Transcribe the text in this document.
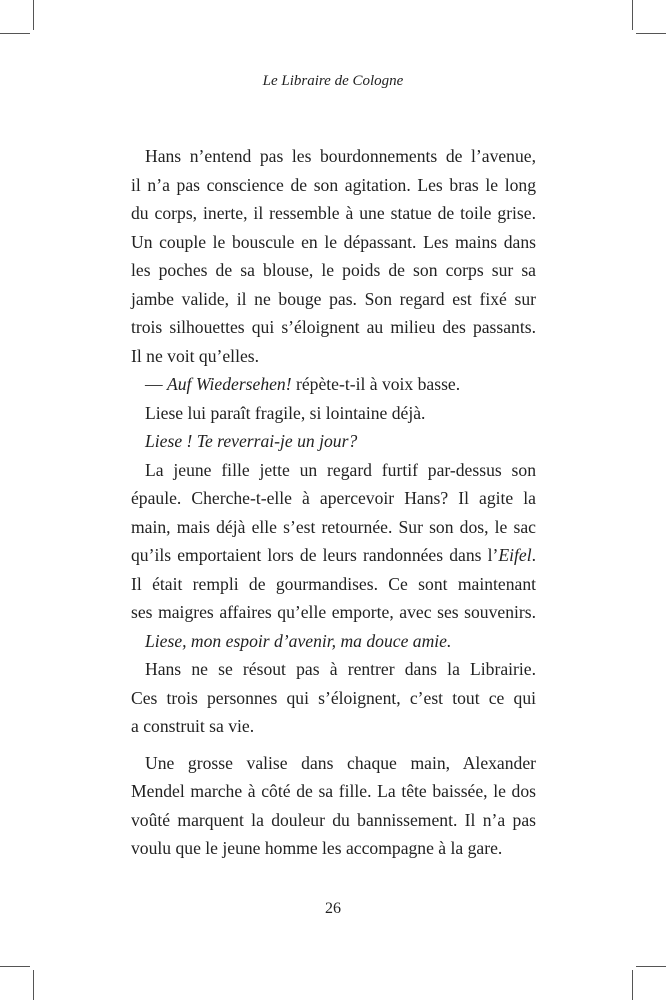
Le Libraire de Cologne
Hans n’entend pas les bourdonnements de l’avenue,
il n’a pas conscience de son agitation. Les bras le long
du corps, inerte, il ressemble à une statue de toile grise.
Un couple le bouscule en le dépassant. Les mains dans
les poches de sa blouse, le poids de son corps sur sa
jambe valide, il ne bouge pas. Son regard est fixé sur
trois silhouettes qui s’éloignent au milieu des passants.
Il ne voit qu’elles.
— Auf Wiedersehen! répète-t-il à voix basse.
Liese lui paraît fragile, si lointaine déjà.
Liese ! Te reverrai-je un jour?
La jeune fille jette un regard furtif par-dessus son
épaule. Cherche-t-elle à apercevoir Hans? Il agite la
main, mais déjà elle s’est retournée. Sur son dos, le sac
qu’ils emportaient lors de leurs randonnées dans l’Eifel.
Il était rempli de gourmandises. Ce sont maintenant
ses maigres affaires qu’elle emporte, avec ses souvenirs.
Liese, mon espoir d’avenir, ma douce amie.
Hans ne se résout pas à rentrer dans la Librairie.
Ces trois personnes qui s’éloignent, c’est tout ce qui
a construit sa vie.
Une grosse valise dans chaque main, Alexander
Mendel marche à côté de sa fille. La tête baissée, le dos
voûté marquent la douleur du bannissement. Il n’a pas
voulu que le jeune homme les accompagne à la gare.
26
